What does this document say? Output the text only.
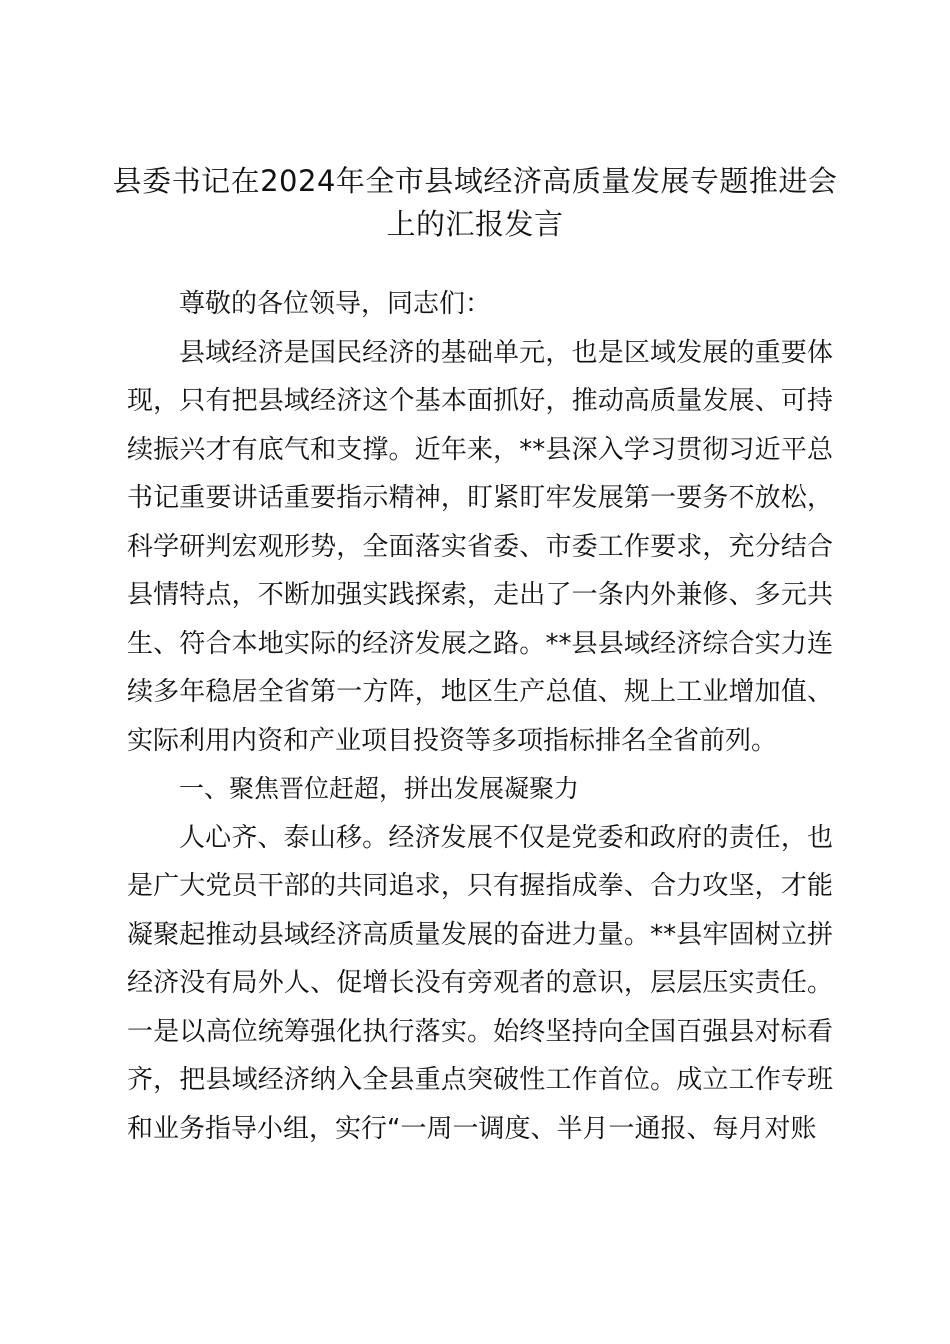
县委书记在2024年全市县域经济高质量发展专题推进会上的汇报发言

尊敬的各位领导，同志们：

县域经济是国民经济的基础单元，也是区域发展的重要体现，只有把县域经济这个基本面抓好，推动高质量发展、可持续振兴才有底气和支撑。近年来，**县深入学习贯彻习近平总书记重要讲话重要指示精神，盯紧盯牢发展第一要务不放松，科学研判宏观形势，全面落实省委、市委工作要求，充分结合县情特点，不断加强实践探索，走出了一条内外兼修、多元共生、符合本地实际的经济发展之路。**县县域经济综合实力连续多年稳居全省第一方阵，地区生产总值、规上工业增加值、实际利用内资和产业项目投资等多项指标排名全省前列。

一、聚焦晋位赶超，拼出发展凝聚力

人心齐、泰山移。经济发展不仅是党委和政府的责任，也是广大党员干部的共同追求，只有握指成拳、合力攻坚，才能凝聚起推动县域经济高质量发展的奋进力量。**县牢固树立拼经济没有局外人、促增长没有旁观者的意识，层层压实责任。一是以高位统筹强化执行落实。始终坚持向全国百强县对标看齐，把县域经济纳入全县重点突破性工作首位。成立工作专班和业务指导小组，实行“一周一调度、半月一通报、每月对账
